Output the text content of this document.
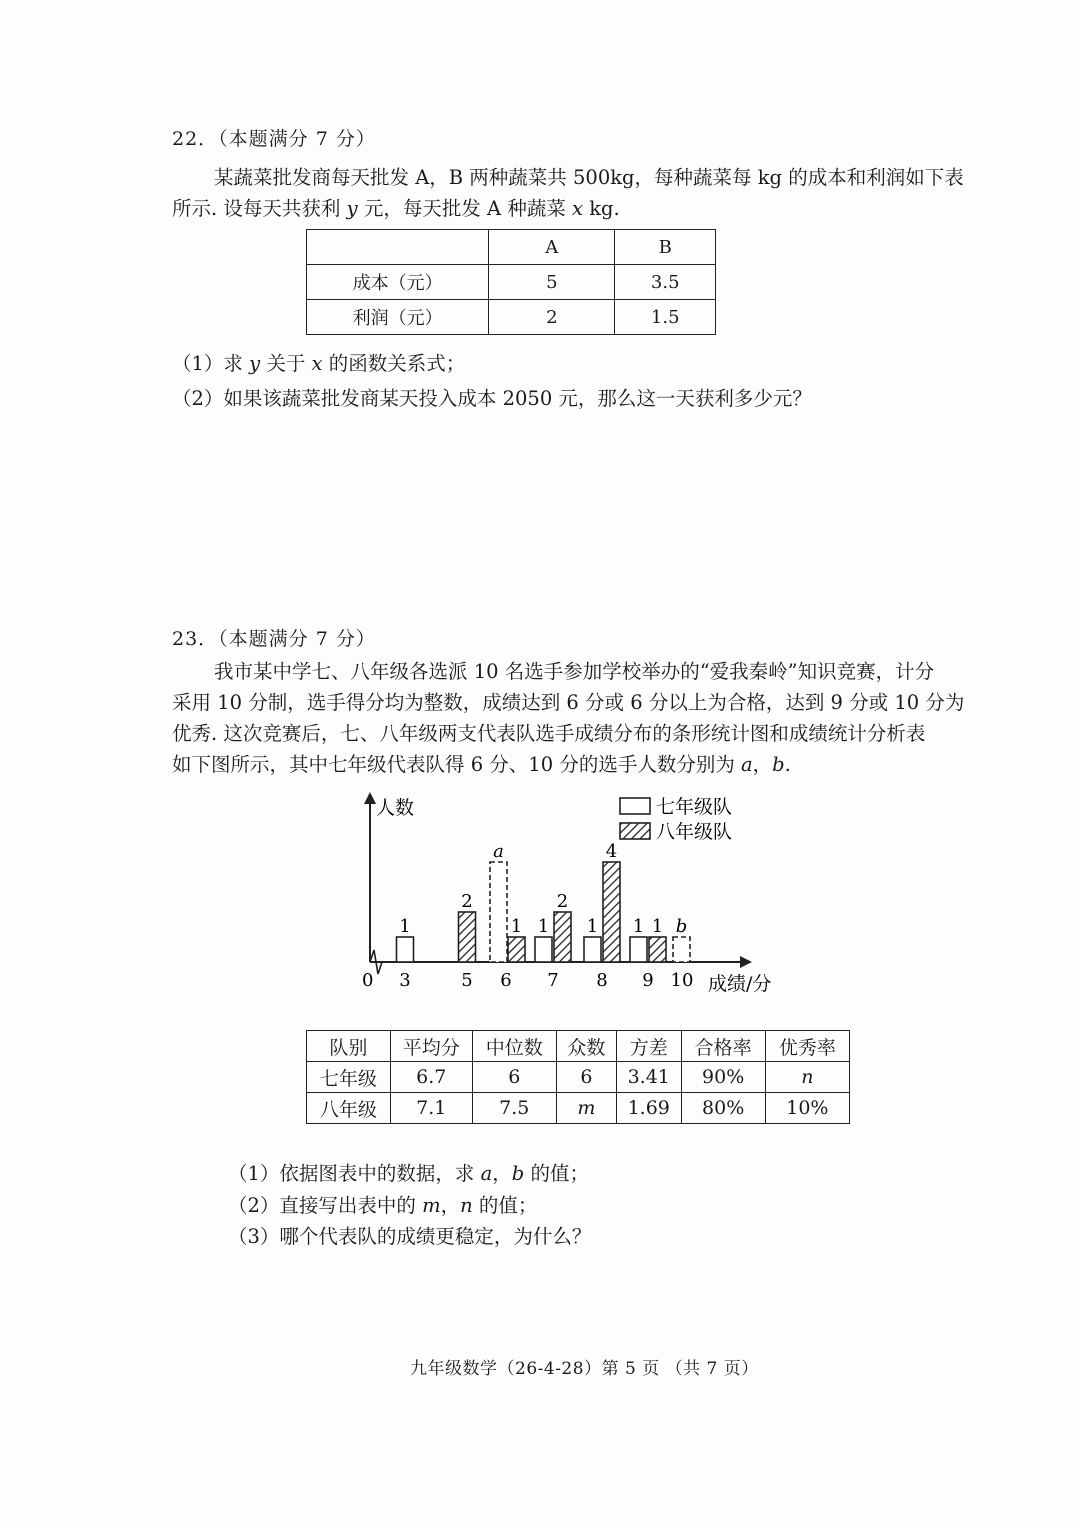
22．（本题满分 7 分）
某蔬菜批发商每天批发 A，B 两种蔬菜共 500kg，每种蔬菜每 kg 的成本和利润如下表
所示. 设每天共获利 y 元，每天批发 A 种蔬菜 x kg.
	A	B
成本（元）	5	3.5
利润（元）	2	1.5
（1）求 y 关于 x 的函数关系式；
（2）如果该蔬菜批发商某天投入成本 2050 元，那么这一天获利多少元？
23．（本题满分 7 分）
我市某中学七、八年级各选派 10 名选手参加学校举办的“爱我秦岭”知识竞赛，计分
采用 10 分制，选手得分均为整数，成绩达到 6 分或 6 分以上为合格，达到 9 分或 10 分为
优秀. 这次竞赛后，七、八年级两支代表队选手成绩分布的条形统计图和成绩统计分析表
如下图所示，其中七年级代表队得 6 分、10 分的选手人数分别为 a，b.
人数
成绩/分
0 3	5 6 7 8 9 10
1
2
a
1 1
2
1
4
1 1 b
七年级队
八年级队
队别	平均分	中位数	众数	方差	合格率	优秀率
七年级	6.7	6	6	3.41	90%	n
八年级	7.1	7.5	m	1.69	80%	10%
（1）依据图表中的数据，求 a，b 的值；
（2）直接写出表中的 m，n 的值；
（3）哪个代表队的成绩更稳定，为什么？
九年级数学（26-4-28）第 5 页 （共 7 页）
